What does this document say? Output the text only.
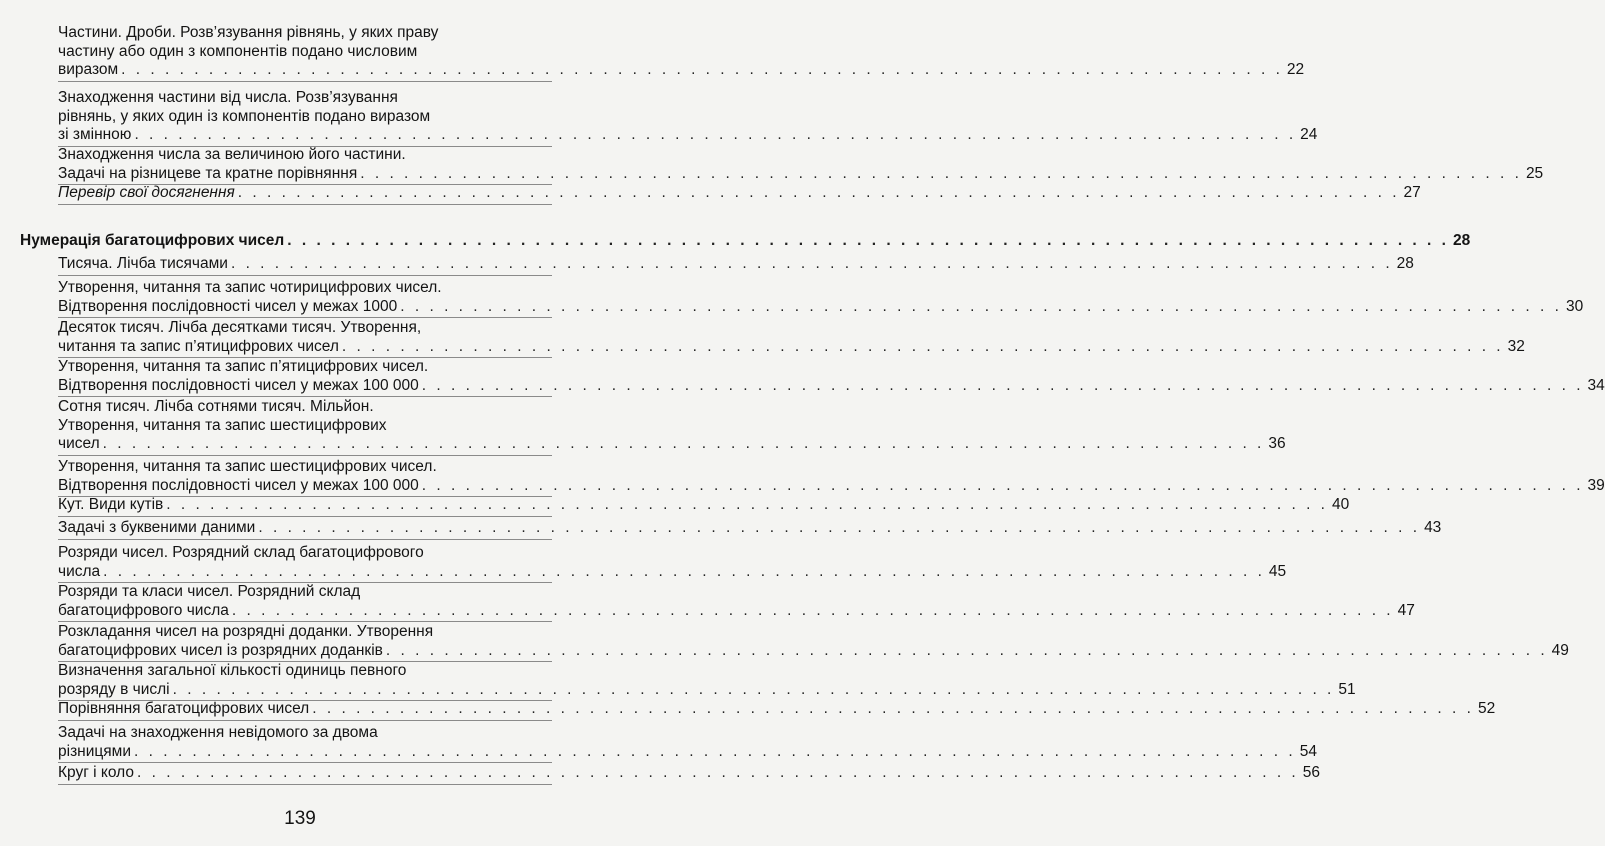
Частини. Дроби. Розв’язування рівнянь, у яких праву
частину або один з компонентів подано числовим
виразом . . . . . . . . . . . . . . . . . . . . . . . . . . . . . . . . . . . . . . . . . . . . . . . . . . . . . . . . . . . . . . . . . . . . . . . . . . . . . . . . 22
Знаходження частини від числа. Розв’язування
рівнянь, у яких один із компонентів подано виразом
зі змінною . . . . . . . . . . . . . . . . . . . . . . . . . . . . . . . . . . . . . . . . . . . . . . . . . . . . . . . . . . . . . . . . . . . . . . . . . . . . . . . . 24
Знаходження числа за величиною його частини.
Задачі на різницеве та кратне порівняння . . . . . . . . . . . . . . . . . . . . . . . . . . . . . . . . . . . . . . . . . . . . . . . . . . . . . . . . . . . . . . . . . . . . . . . . . . . . . . . . 25
Перевір свої досягнення . . . . . . . . . . . . . . . . . . . . . . . . . . . . . . . . . . . . . . . . . . . . . . . . . . . . . . . . . . . . . . . . . . . . . . . . . . . . . . . . 27
Нумерація багатоцифрових чисел . . . . . . . . . . . . . . . . . . . . . . . . . . . . . . . . . . . . . . . . . . . . . . . . . . . . . . . . . . . . . . . . . . . . . . . . . . . . . . . . 28
Тисяча. Лічба тисячами . . . . . . . . . . . . . . . . . . . . . . . . . . . . . . . . . . . . . . . . . . . . . . . . . . . . . . . . . . . . . . . . . . . . . . . . . . . . . . . . 28
Утворення, читання та запис чотирицифрових чисел.
Відтворення послідовності чисел у межах 1000 . . . . . . . . . . . . . . . . . . . . . . . . . . . . . . . . . . . . . . . . . . . . . . . . . . . . . . . . . . . . . . . . . . . . . . . . . . . . . . . . 30
Десяток тисяч. Лічба десятками тисяч. Утворення,
читання та запис п’ятицифрових чисел . . . . . . . . . . . . . . . . . . . . . . . . . . . . . . . . . . . . . . . . . . . . . . . . . . . . . . . . . . . . . . . . . . . . . . . . . . . . . . . . 32
Утворення, читання та запис п’ятицифрових чисел.
Відтворення послідовності чисел у межах 100 000 . . . . . . . . . . . . . . . . . . . . . . . . . . . . . . . . . . . . . . . . . . . . . . . . . . . . . . . . . . . . . . . . . . . . . . . . . . . . . . . . 34
Сотня тисяч. Лічба сотнями тисяч. Мільйон.
Утворення, читання та запис шестицифрових
чисел . . . . . . . . . . . . . . . . . . . . . . . . . . . . . . . . . . . . . . . . . . . . . . . . . . . . . . . . . . . . . . . . . . . . . . . . . . . . . . . . 36
Утворення, читання та запис шестицифрових чисел.
Відтворення послідовності чисел у межах 100 000 . . . . . . . . . . . . . . . . . . . . . . . . . . . . . . . . . . . . . . . . . . . . . . . . . . . . . . . . . . . . . . . . . . . . . . . . . . . . . . . . 39
Кут. Види кутів . . . . . . . . . . . . . . . . . . . . . . . . . . . . . . . . . . . . . . . . . . . . . . . . . . . . . . . . . . . . . . . . . . . . . . . . . . . . . . . . 40
Задачі з буквеними даними . . . . . . . . . . . . . . . . . . . . . . . . . . . . . . . . . . . . . . . . . . . . . . . . . . . . . . . . . . . . . . . . . . . . . . . . . . . . . . . . 43
Розряди чисел. Розрядний склад багатоцифрового
числа . . . . . . . . . . . . . . . . . . . . . . . . . . . . . . . . . . . . . . . . . . . . . . . . . . . . . . . . . . . . . . . . . . . . . . . . . . . . . . . . 45
Розряди та класи чисел. Розрядний склад
багатоцифрового числа . . . . . . . . . . . . . . . . . . . . . . . . . . . . . . . . . . . . . . . . . . . . . . . . . . . . . . . . . . . . . . . . . . . . . . . . . . . . . . . . 47
Розкладання чисел на розрядні доданки. Утворення
багатоцифрових чисел із розрядних доданків . . . . . . . . . . . . . . . . . . . . . . . . . . . . . . . . . . . . . . . . . . . . . . . . . . . . . . . . . . . . . . . . . . . . . . . . . . . . . . . . 49
Визначення загальної кількості одиниць певного
розряду в числі . . . . . . . . . . . . . . . . . . . . . . . . . . . . . . . . . . . . . . . . . . . . . . . . . . . . . . . . . . . . . . . . . . . . . . . . . . . . . . . . 51
Порівняння багатоцифрових чисел . . . . . . . . . . . . . . . . . . . . . . . . . . . . . . . . . . . . . . . . . . . . . . . . . . . . . . . . . . . . . . . . . . . . . . . . . . . . . . . . 52
Задачі на знаходження невідомого за двома
різницями . . . . . . . . . . . . . . . . . . . . . . . . . . . . . . . . . . . . . . . . . . . . . . . . . . . . . . . . . . . . . . . . . . . . . . . . . . . . . . . . 54
Круг і коло . . . . . . . . . . . . . . . . . . . . . . . . . . . . . . . . . . . . . . . . . . . . . . . . . . . . . . . . . . . . . . . . . . . . . . . . . . . . . . . . 56
139
